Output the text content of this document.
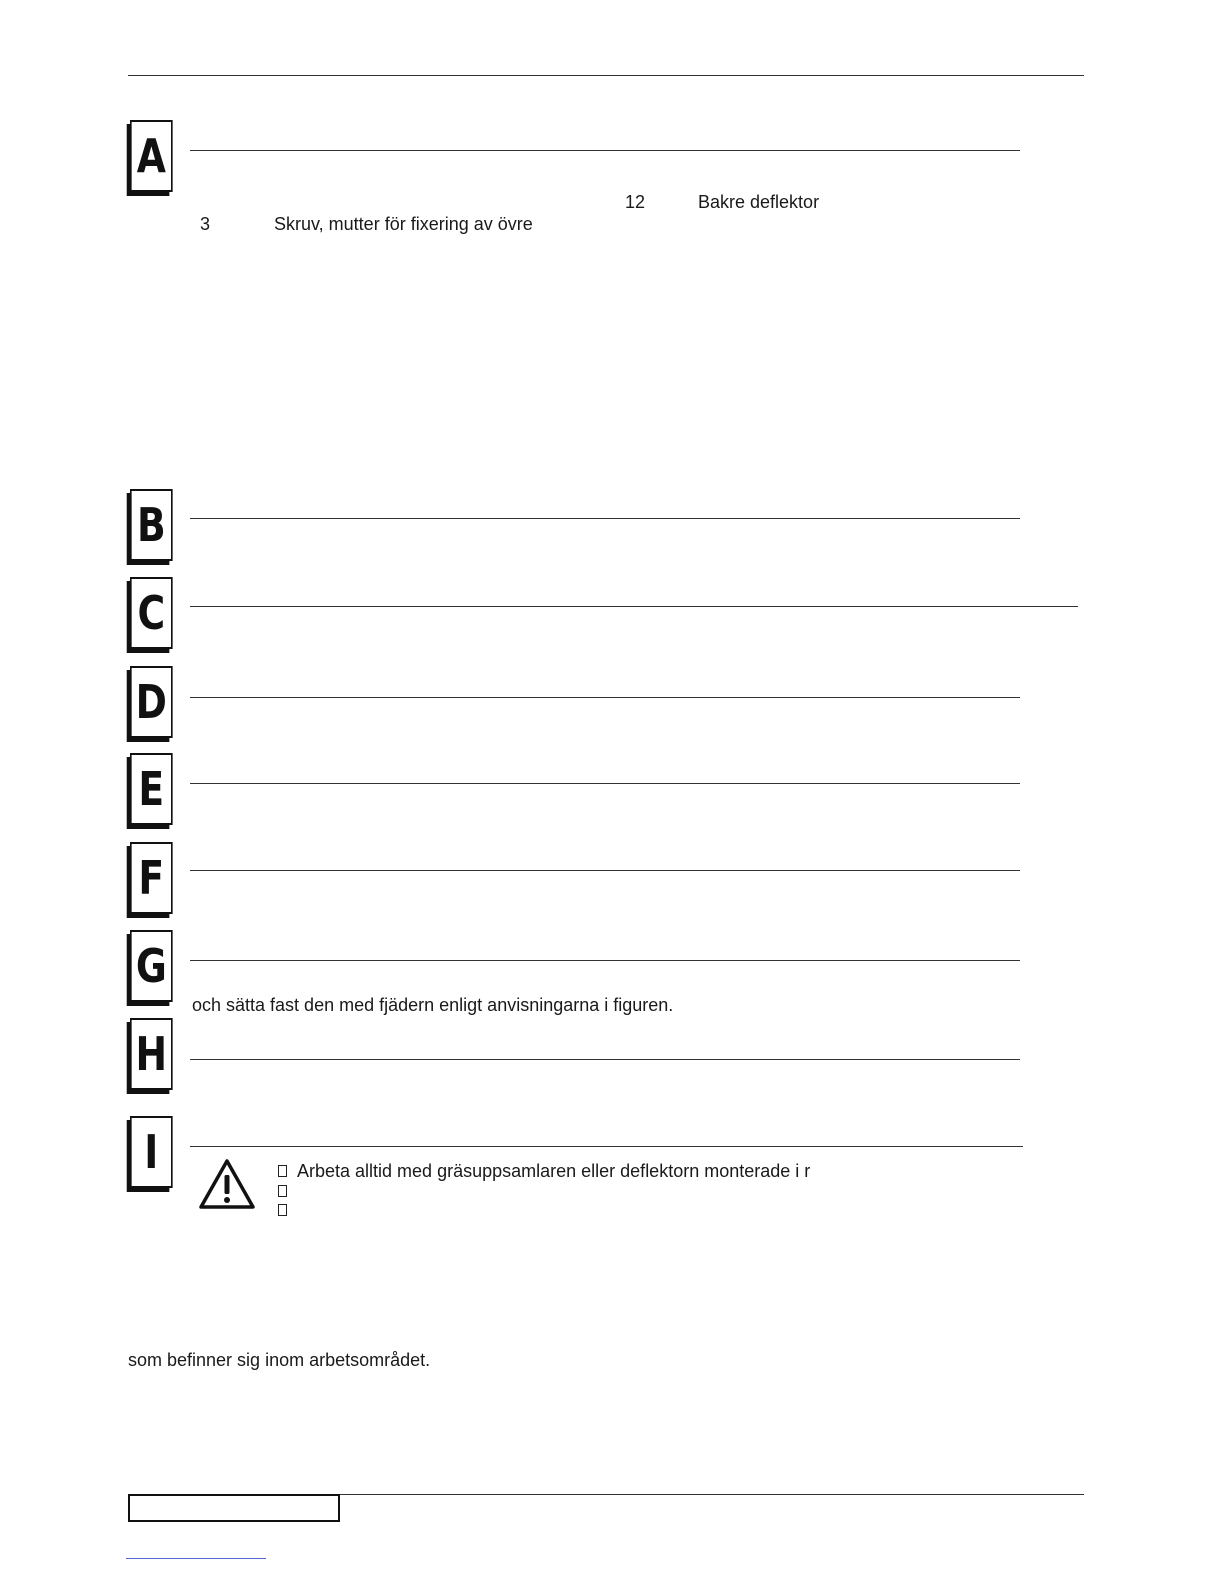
A
12	Bakre deflektor
3	Skruv, mutter för fixering av övre
B
C
D
E
F
G
och sätta fast den med fjädern enligt anvisningarna i figuren.
H
I	Arbeta alltid med gräsuppsamlaren eller deflektorn monterade i r
som befinner sig inom arbetsområdet.
